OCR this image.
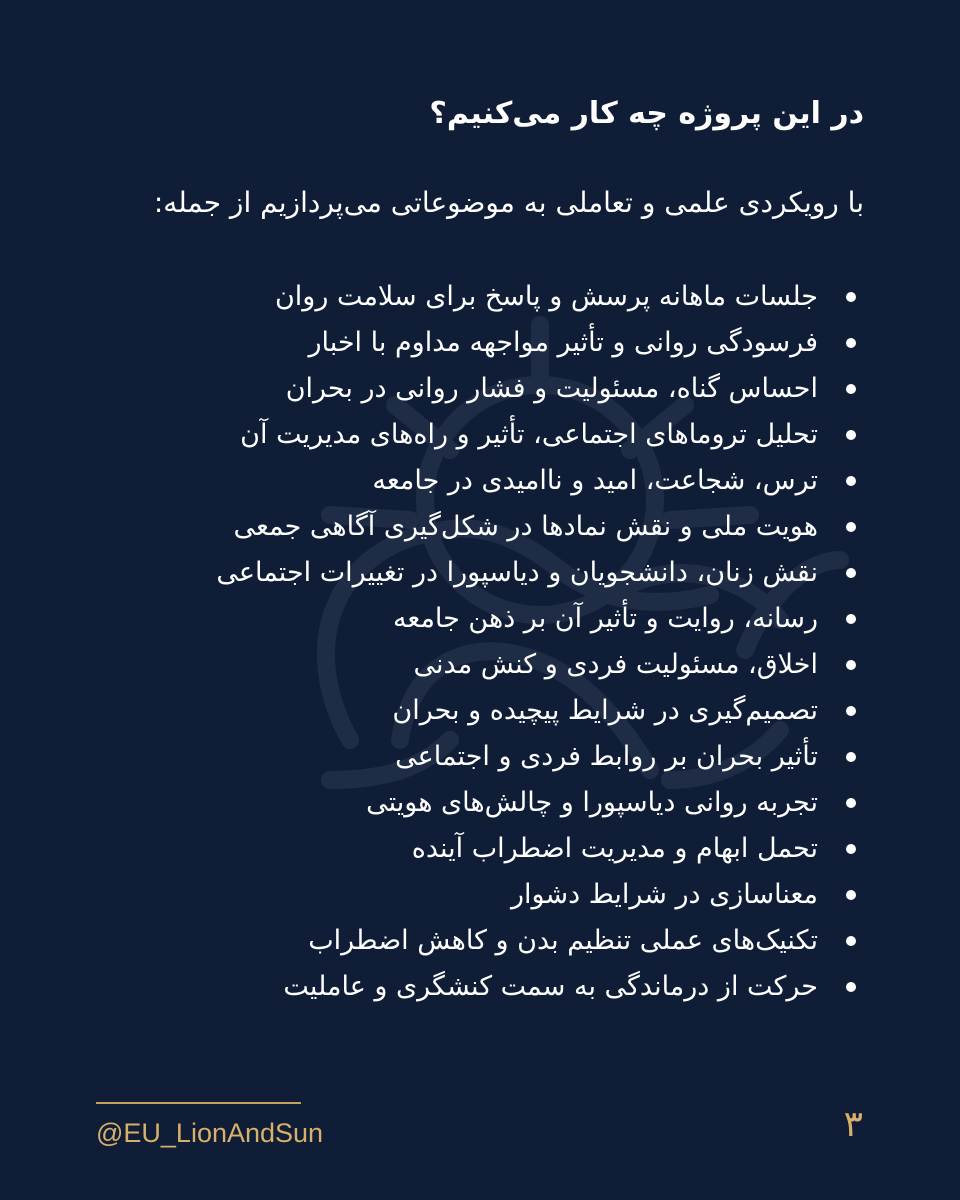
در این پروژه چه کار می‌کنیم؟
با رویکردی علمی و تعاملی به موضوعاتی می‌پردازیم از جمله:
جلسات ماهانه پرسش و پاسخ برای سلامت روان
فرسودگی روانی و تأثیر مواجهه مداوم با اخبار
احساس گناه، مسئولیت و فشار روانی در بحران
تحلیل تروماهای اجتماعی، تأثیر و راه‌های مدیریت آن
ترس، شجاعت، امید و ناامیدی در جامعه
هویت ملی و نقش نمادها در شکل‌گیری آگاهی جمعی
نقش زنان، دانشجویان و دیاسپورا در تغییرات اجتماعی
رسانه، روایت و تأثیر آن بر ذهن جامعه
اخلاق، مسئولیت فردی و کنش مدنی
تصمیم‌گیری در شرایط پیچیده و بحران
تأثیر بحران بر روابط فردی و اجتماعی
تجربه روانی دیاسپورا و چالش‌های هویتی
تحمل ابهام و مدیریت اضطراب آینده
معناسازی در شرایط دشوار
تکنیک‌های عملی تنظیم بدن و کاهش اضطراب
حرکت از درماندگی به سمت کنشگری و عاملیت
@EU_LionAndSun	۳
